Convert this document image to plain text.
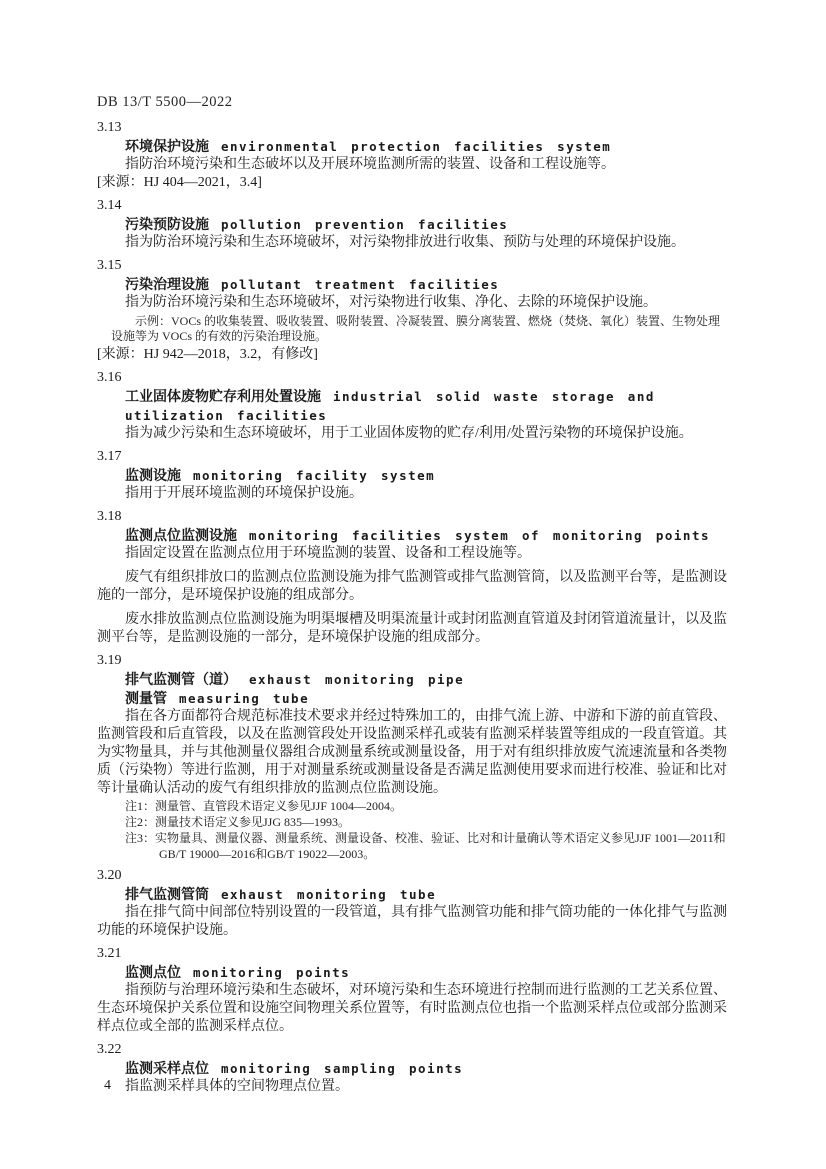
DB 13/T 5500—2022
3.13
环境保护设施 environmental protection facilities system

指防治环境污染和生态破坏以及开展环境监测所需的装置、设备和工程设施等。

[来源：HJ 404—2021，3.4]

3.14
污染预防设施 pollution prevention facilities

指为防治环境污染和生态环境破坏，对污染物排放进行收集、预防与处理的环境保护设施。

3.15
污染治理设施 pollutant treatment facilities

指为防治环境污染和生态环境破坏，对污染物进行收集、净化、去除的环境保护设施。

示例：VOCs 的收集装置、吸收装置、吸附装置、冷凝装置、膜分离装置、燃烧（焚烧、氧化）装置、生物处理设施等为 VOCs 的有效的污染治理设施。

[来源：HJ 942—2018，3.2，有修改]

3.16
工业固体废物贮存利用处置设施 industrial solid waste storage and utilization facilities

指为减少污染和生态环境破坏，用于工业固体废物的贮存/利用/处置污染物的环境保护设施。

3.17
监测设施 monitoring facility system

指用于开展环境监测的环境保护设施。

3.18
监测点位监测设施 monitoring facilities system of monitoring points

指固定设置在监测点位用于环境监测的装置、设备和工程设施等。

废气有组织排放口的监测点位监测设施为排气监测管或排气监测管筒，以及监测平台等，是监测设施的一部分，是环境保护设施的组成部分。

废水排放监测点位监测设施为明渠堰槽及明渠流量计或封闭监测直管道及封闭管道流量计，以及监测平台等，是监测设施的一部分，是环境保护设施的组成部分。

3.19
排气监测管（道） exhaust monitoring pipe
测量管 measuring tube

指在各方面都符合规范标准技术要求并经过特殊加工的，由排气流上游、中游和下游的前直管段、监测管段和后直管段，以及在监测管段处开设监测采样孔或装有监测采样装置等组成的一段直管道。其为实物量具，并与其他测量仪器组合成测量系统或测量设备，用于对有组织排放废气流速流量和各类物质（污染物）等进行监测，用于对测量系统或测量设备是否满足监测使用要求而进行校准、验证和比对等计量确认活动的废气有组织排放的监测点位监测设施。

注1：测量管、直管段术语定义参见JJF 1004—2004。

注2：测量技术语定义参见JJG 835—1993。

注3：实物量具、测量仪器、测量系统、测量设备、校准、验证、比对和计量确认等术语定义参见JJF 1001—2011和GB/T 19000—2016和GB/T 19022—2003。

3.20
排气监测管筒 exhaust monitoring tube

指在排气筒中间部位特别设置的一段管道，具有排气监测管功能和排气筒功能的一体化排气与监测功能的环境保护设施。

3.21
监测点位 monitoring points

指预防与治理环境污染和生态破坏，对环境污染和生态环境进行控制而进行监测的工艺关系位置、生态环境保护关系位置和设施空间物理关系位置等，有时监测点位也指一个监测采样点位或部分监测采样点位或全部的监测采样点位。

3.22
监测采样点位 monitoring sampling points

指监测采样具体的空间物理点位置。

4
